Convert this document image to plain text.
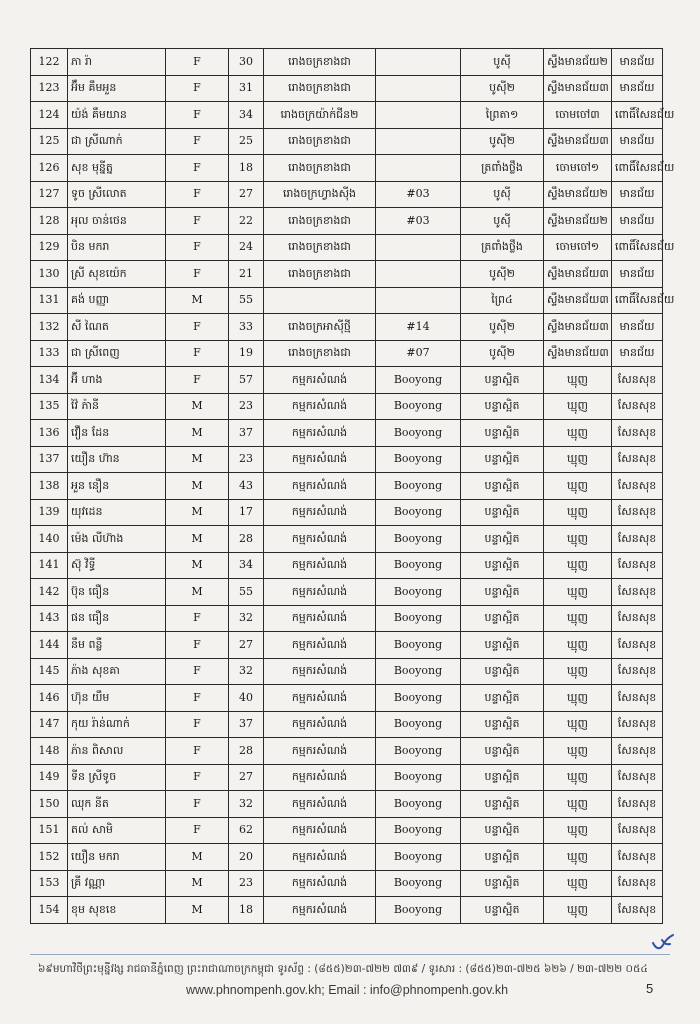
122	ភា រ៉ា	F	30	រោងចក្រខាងជា		បូស៊ី	ស្ទឹងមានជ័យ២	មានជ័យ
123	អ៊ឹម គឹមអួន	F	31	រោងចក្រខាងជា		បូស៊ី២	ស្ទឹងមានជ័យ៣	មានជ័យ
124	យ៉ង់ គឹមយាន	F	34	រោងចក្រយ៉ាក់ជីន២		ព្រៃតា១	ចោមចៅ៣	ពោធិ៍សែនជ័យ
125	ជា ស្រីណាក់	F	25	រោងចក្រខាងជា		បូស៊ី២	ស្ទឹងមានជ័យ៣	មានជ័យ
126	សុខ មុន្នីត្ន	F	18	រោងចក្រខាងជា		ត្រពាំងថ្លឹង	ចោមចៅ១	ពោធិ៍សែនជ័យ
127	ទូច ស្រីលោត	F	27	រោងចក្រហ្វាងស៊ីង	#03	បូស៊ី	ស្ទឹងមានជ័យ២	មានជ័យ
128	អុល ចាន់ថេន	F	22	រោងចក្រខាងជា	#03	បូស៊ី	ស្ទឹងមានជ័យ២	មានជ័យ
129	បិន មករា	F	24	រោងចក្រខាងជា		ត្រពាំងថ្លឹង	ចោមចៅ១	ពោធិ៍សែនជ័យ
130	ស្រី សុខយ៉េក	F	21	រោងចក្រខាងជា		បូស៊ី២	ស្ទឹងមានជ័យ៣	មានជ័យ
131	គង់ បញ្ញា	M	55			ព្រៃ៤	ស្ទឹងមានជ័យ៣	ពោធិ៍សែនជ័យ
132	សី ណៃត	F	33	រោងចក្រអាស៊ីថ្មី	#14	បូស៊ី២	ស្ទឹងមានជ័យ៣	មានជ័យ
133	ជា ស្រីពេញ	F	19	រោងចក្រខាងជា	#07	បូស៊ី២	ស្ទឹងមានជ័យ៣	មានជ័យ
134	អ៊ី ហាង	F	57	កម្មករសំណង់	Booyong	បន្ទាស្អិត	ឃ្មុញ	សែនសុខ
135	វ៉ៃ ភ៉ានី	M	23	កម្មករសំណង់	Booyong	បន្ទាស្អិត	ឃ្មុញ	សែនសុខ
136	វឿន ដែន	M	37	កម្មករសំណង់	Booyong	បន្ទាស្អិត	ឃ្មុញ	សែនសុខ
137	យឿន ហ៊ាន	M	23	កម្មករសំណង់	Booyong	បន្ទាស្អិត	ឃ្មុញ	សែនសុខ
138	អួន នឿន	M	43	កម្មករសំណង់	Booyong	បន្ទាស្អិត	ឃ្មុញ	សែនសុខ
139	យុវដេន	M	17	កម្មករសំណង់	Booyong	បន្ទាស្អិត	ឃ្មុញ	សែនសុខ
140	ម៉េង លីហ៊ាង	M	28	កម្មករសំណង់	Booyong	បន្ទាស្អិត	ឃ្មុញ	សែនសុខ
141	ស៊ុ វិទ្ធី	M	34	កម្មករសំណង់	Booyong	បន្ទាស្អិត	ឃ្មុញ	សែនសុខ
142	ប៊ុន ធឿន	M	55	កម្មករសំណង់	Booyong	បន្ទាស្អិត	ឃ្មុញ	សែនសុខ
143	ផន ធឿន	F	32	កម្មករសំណង់	Booyong	បន្ទាស្អិត	ឃ្មុញ	សែនសុខ
144	នឹម ពន្លឺ	F	27	កម្មករសំណង់	Booyong	បន្ទាស្អិត	ឃ្មុញ	សែនសុខ
145	ភ៉ាង សុខគា	F	32	កម្មករសំណង់	Booyong	បន្ទាស្អិត	ឃ្មុញ	សែនសុខ
146	ហ៊ុន យឹម	F	40	កម្មករសំណង់	Booyong	បន្ទាស្អិត	ឃ្មុញ	សែនសុខ
147	កុយ រ៉ាន់ណាក់	F	37	កម្មករសំណង់	Booyong	បន្ទាស្អិត	ឃ្មុញ	សែនសុខ
148	ភ៉ាន ពិសាល	F	28	កម្មករសំណង់	Booyong	បន្ទាស្អិត	ឃ្មុញ	សែនសុខ
149	ទីន ស្រីទូច	F	27	កម្មករសំណង់	Booyong	បន្ទាស្អិត	ឃ្មុញ	សែនសុខ
150	ឈុក នីត	F	32	កម្មករសំណង់	Booyong	បន្ទាស្អិត	ឃ្មុញ	សែនសុខ
151	តល់ សាមិ	F	62	កម្មករសំណង់	Booyong	បន្ទាស្អិត	ឃ្មុញ	សែនសុខ
152	យឿន មករា	M	20	កម្មករសំណង់	Booyong	បន្ទាស្អិត	ឃ្មុញ	សែនសុខ
153	គ្រី វណ្ណា	M	23	កម្មករសំណង់	Booyong	បន្ទាស្អិត	ឃ្មុញ	សែនសុខ
154	ខុម សុខខេ	M	18	កម្មករសំណង់	Booyong	បន្ទាស្អិត	ឃ្មុញ	សែនសុខ
៦៩មហាវិថីព្រះមុន្នីវង្ស រាជធានីភ្នំពេញ ព្រះរាជាណាចក្រកម្ពុជា ទូរស័ព្ទ : (៨៥៥)២៣-៧២២ ៧៣៩ / ទូរសារ : (៨៥៥)២៣-៧២៥ ៦២៦ / ២៣-៧២២ ០៥៤
www.phnompenh.gov.kh; Email : info@phnompenh.gov.kh	5
